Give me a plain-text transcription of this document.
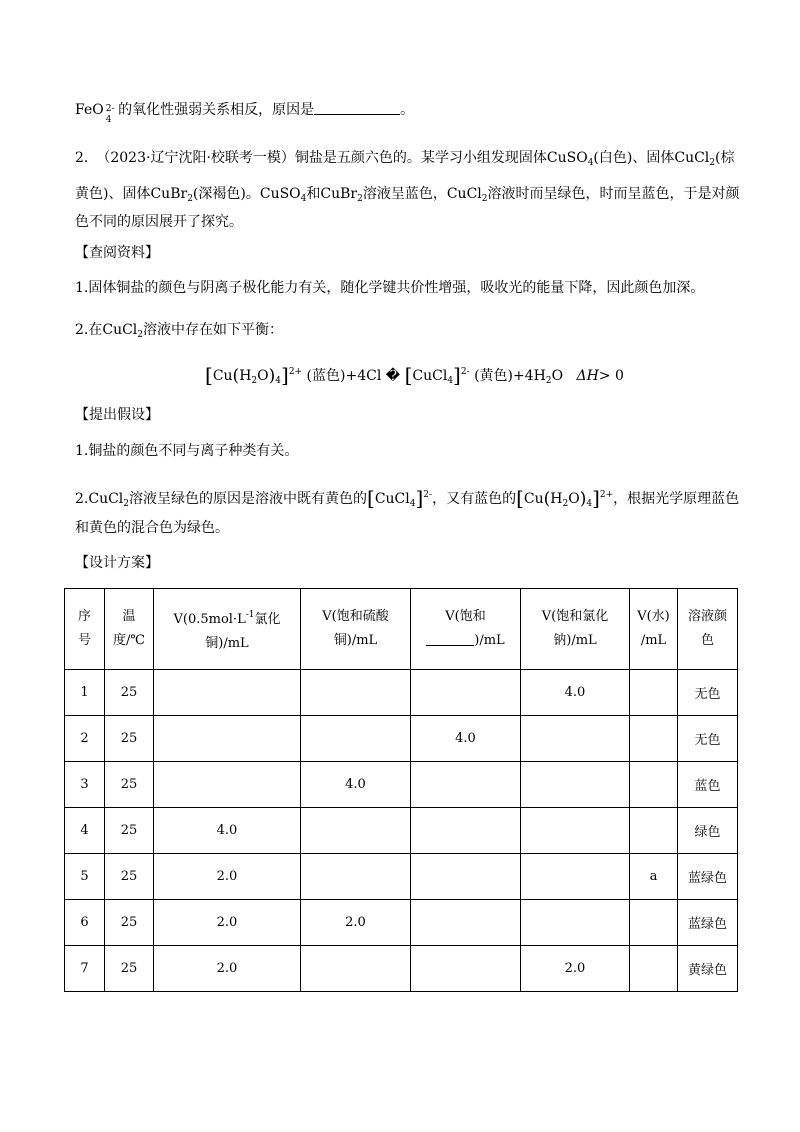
FeO 2-
4
的氧化性强弱关系相反，原因是	。
2. （2023·辽宁沈阳·校联考一模）铜盐是五颜六色的。某学习小组发现固体CuSO$_4$(白色)、固体CuCl$_2$(棕
黄色)、固体CuBr$_2$(深褐色)。CuSO$_4$和CuBr$_2$溶液呈蓝色，CuCl$_2$溶液时而呈绿色，时而呈蓝色，于是对颜
色不同的原因展开了探究。
【查阅资料】
1.固体铜盐的颜色与阴离子极化能力有关，随化学键共价性增强，吸收光的能量下降，因此颜色加深。
2.在CuCl$_2$溶液中存在如下平衡：
$[Cu(H_2O)_4]^{2+}$ (蓝色)+4Cl � [CuCl$_4$]$^{2-}$ (黄色)$+4H_2O$ ΔH> 0
【提出假设】
1.铜盐的颜色不同与离子种类有关。
2.CuCl$_2$溶液呈绿色的原因是溶液中既有黄色的[CuCl$_4$]$^{2-}$，又有蓝色的$[Cu(H_2O)_4]^{2+}$，根据光学原理蓝色
和黄色的混合色为绿色。
【设计方案】
序
号	温
度/℃	$V(0.5mol\cdot L^{-1}$氯化
铜)/mL	V(饱和硫酸
铜)/mL	V(饱和
)/mL	V(饱和氯化
钠)/mL	V(水)
/mL	溶液颜
色
1	25				4.0		无色
2	25			4.0			无色
3	25		4.0				蓝色
4	25	4.0					绿色
5	25	2.0				a	蓝绿色
6	25	2.0	2.0				蓝绿色
7	25	2.0			2.0		黄绿色
